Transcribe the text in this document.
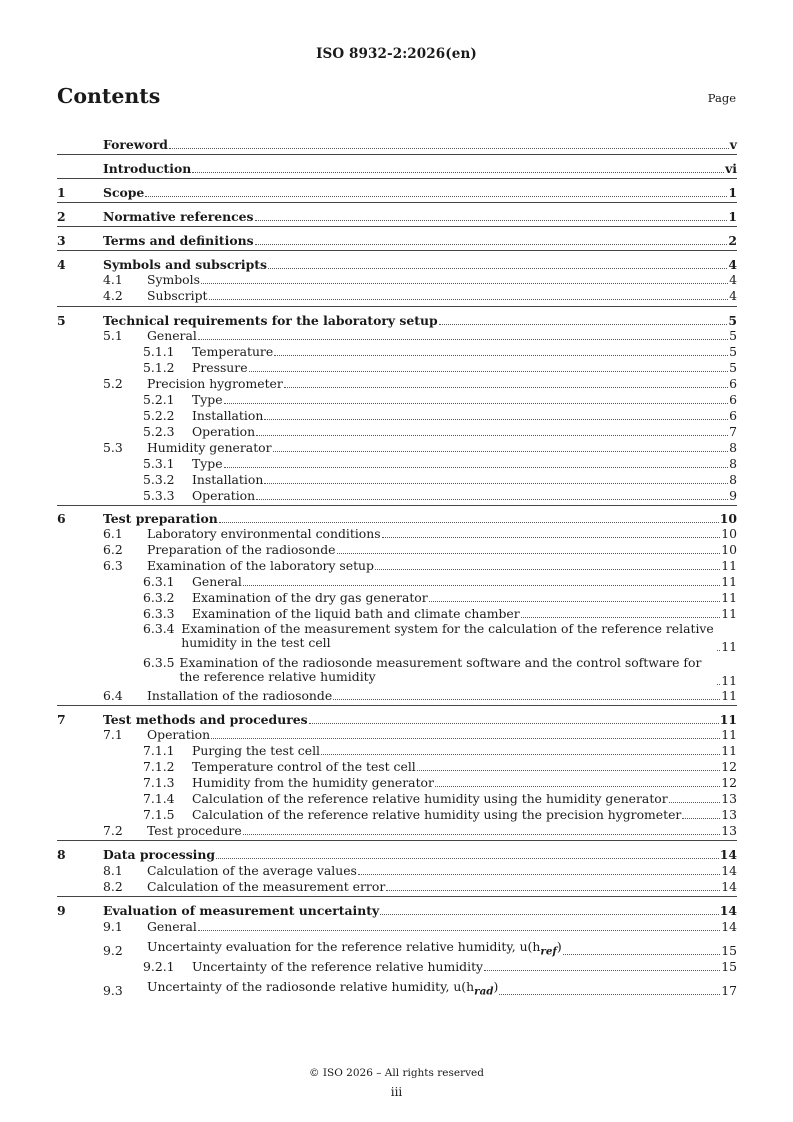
ISO 8932-2:2026(en)
Contents	Page
Foreword	v
Introduction	vi
1	Scope	1
2	Normative references	1
3	Terms and definitions	2
4	Symbols and subscripts	4
4.1	Symbols	4
4.2	Subscript	4
5	Technical requirements for the laboratory setup	5
5.1	General	5
5.1.1	Temperature	5
5.1.2	Pressure	5
5.2	Precision hygrometer	6
5.2.1	Type	6
5.2.2	Installation	6
5.2.3	Operation	7
5.3	Humidity generator	8
5.3.1	Type	8
5.3.2	Installation	8
5.3.3	Operation	9
6	Test preparation	10
6.1	Laboratory environmental conditions	10
6.2	Preparation of the radiosonde	10
6.3	Examination of the laboratory setup	11
6.3.1	General	11
6.3.2	Examination of the dry gas generator	11
6.3.3	Examination of the liquid bath and climate chamber	11
6.3.4 Examination of the measurement system for the calculation of the reference relative humidity in the test cell	11
6.3.5 Examination of the radiosonde measurement software and the control software for the reference relative humidity	11
6.4	Installation of the radiosonde	11
7	Test methods and procedures	11
7.1	Operation	11
7.1.1	Purging the test cell	11
7.1.2	Temperature control of the test cell	12
7.1.3	Humidity from the humidity generator	12
7.1.4	Calculation of the reference relative humidity using the humidity generator	13
7.1.5	Calculation of the reference relative humidity using the precision hygrometer	13
7.2	Test procedure	13
8	Data processing	14
8.1	Calculation of the average values	14
8.2	Calculation of the measurement error	14
9	Evaluation of measurement uncertainty	14
9.1	General	14
9.2	Uncertainty evaluation for the reference relative humidity, $u(h_{ref})$	15
9.2.1	Uncertainty of the reference relative humidity	15
9.3	Uncertainty of the radiosonde relative humidity, $u(h_{rad})$	17
© ISO 2026 – All rights reserved
iii
